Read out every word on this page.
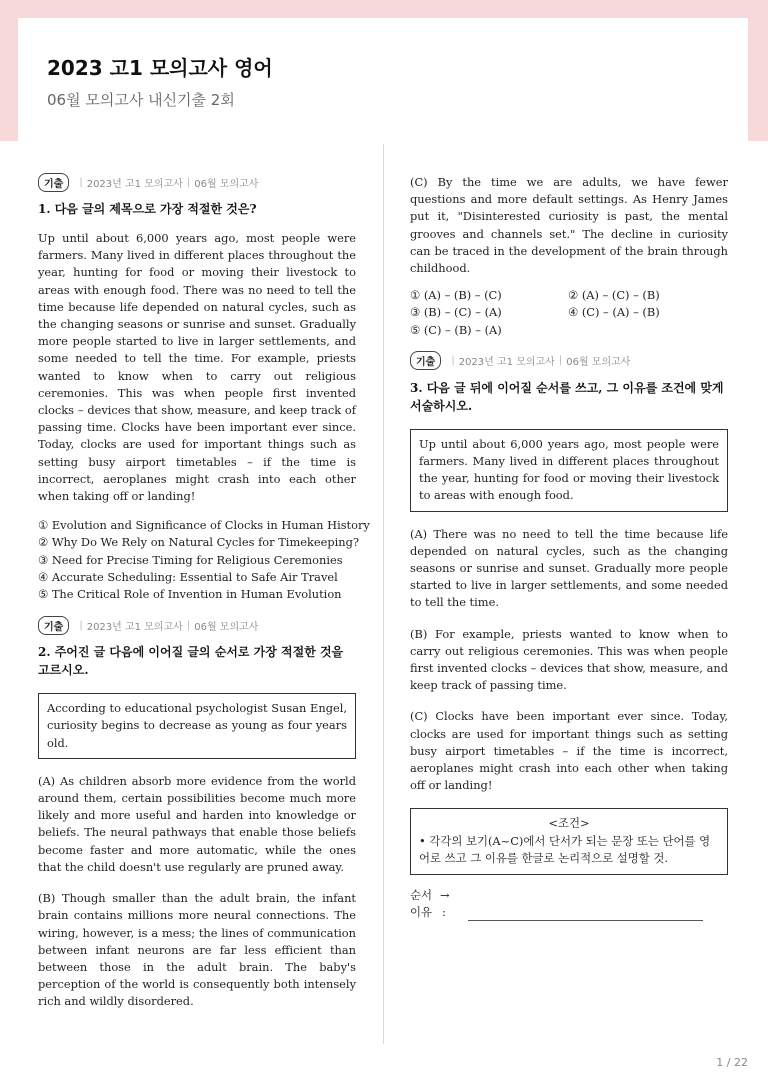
2023 고1 모의고사 영어
06월 모의고사 내신기출 2회
기출	| 2023년 고1 모의고사 | 06월 모의고사
1. 다음 글의 제목으로 가장 적절한 것은?

Up until about 6,000 years ago, most people were farmers. Many lived in different places throughout the year, hunting for food or moving their livestock to areas with enough food. There was no need to tell the time because life depended on natural cycles, such as the changing seasons or sunrise and sunset. Gradually more people started to live in larger settlements, and some needed to tell the time. For example, priests wanted to know when to carry out religious ceremonies. This was when people first invented clocks – devices that show, measure, and keep track of passing time. Clocks have been important ever since. Today, clocks are used for important things such as setting busy airport timetables – if the time is incorrect, aeroplanes might crash into each other when taking off or landing!

① Evolution and Significance of Clocks in Human History
② Why Do We Rely on Natural Cycles for Timekeeping?
③ Need for Precise Timing for Religious Ceremonies
④ Accurate Scheduling: Essential to Safe Air Travel
⑤ The Critical Role of Invention in Human Evolution
기출	| 2023년 고1 모의고사 | 06월 모의고사
2. 주어진 글 다음에 이어질 글의 순서로 가장 적절한 것을 고르시오.
According to educational psychologist Susan Engel, curiosity begins to decrease as young as four years old.

(A) As children absorb more evidence from the world around them, certain possibilities become much more likely and more useful and harden into knowledge or beliefs. The neural pathways that enable those beliefs become faster and more automatic, while the ones that the child doesn't use regularly are pruned away.

(B) Though smaller than the adult brain, the infant brain contains millions more neural connections. The wiring, however, is a mess; the lines of communication between infant neurons are far less efficient than between those in the adult brain. The baby's perception of the world is consequently both intensely rich and wildly disordered.

(C) By the time we are adults, we have fewer questions and more default settings. As Henry James put it, "Disinterested curiosity is past, the mental grooves and channels set." The decline in curiosity can be traced in the development of the brain through childhood.

① (A) – (B) – (C)	② (A) – (C) – (B)
③ (B) – (C) – (A)	④ (C) – (A) – (B)
⑤ (C) – (B) – (A)
기출	| 2023년 고1 모의고사 | 06월 모의고사
3. 다음 글 뒤에 이어질 순서를 쓰고, 그 이유를 조건에 맞게 서술하시오.
Up until about 6,000 years ago, most people were farmers. Many lived in different places throughout the year, hunting for food or moving their livestock to areas with enough food.

(A) There was no need to tell the time because life depended on natural cycles, such as the changing seasons or sunrise and sunset. Gradually more people started to live in larger settlements, and some needed to tell the time.

(B) For example, priests wanted to know when to carry out religious ceremonies. This was when people first invented clocks – devices that show, measure, and keep track of passing time.

(C) Clocks have been important ever since. Today, clocks are used for important things such as setting busy airport timetables – if the time is incorrect, aeroplanes might crash into each other when taking off or landing!

<조건>
• 각각의 보기(A~C)에서 단서가 되는 문장 또는 단어를 영어로 쓰고 그 이유를 한글로 논리적으로 설명할 것.
순서 →
이유 :
1 / 22
